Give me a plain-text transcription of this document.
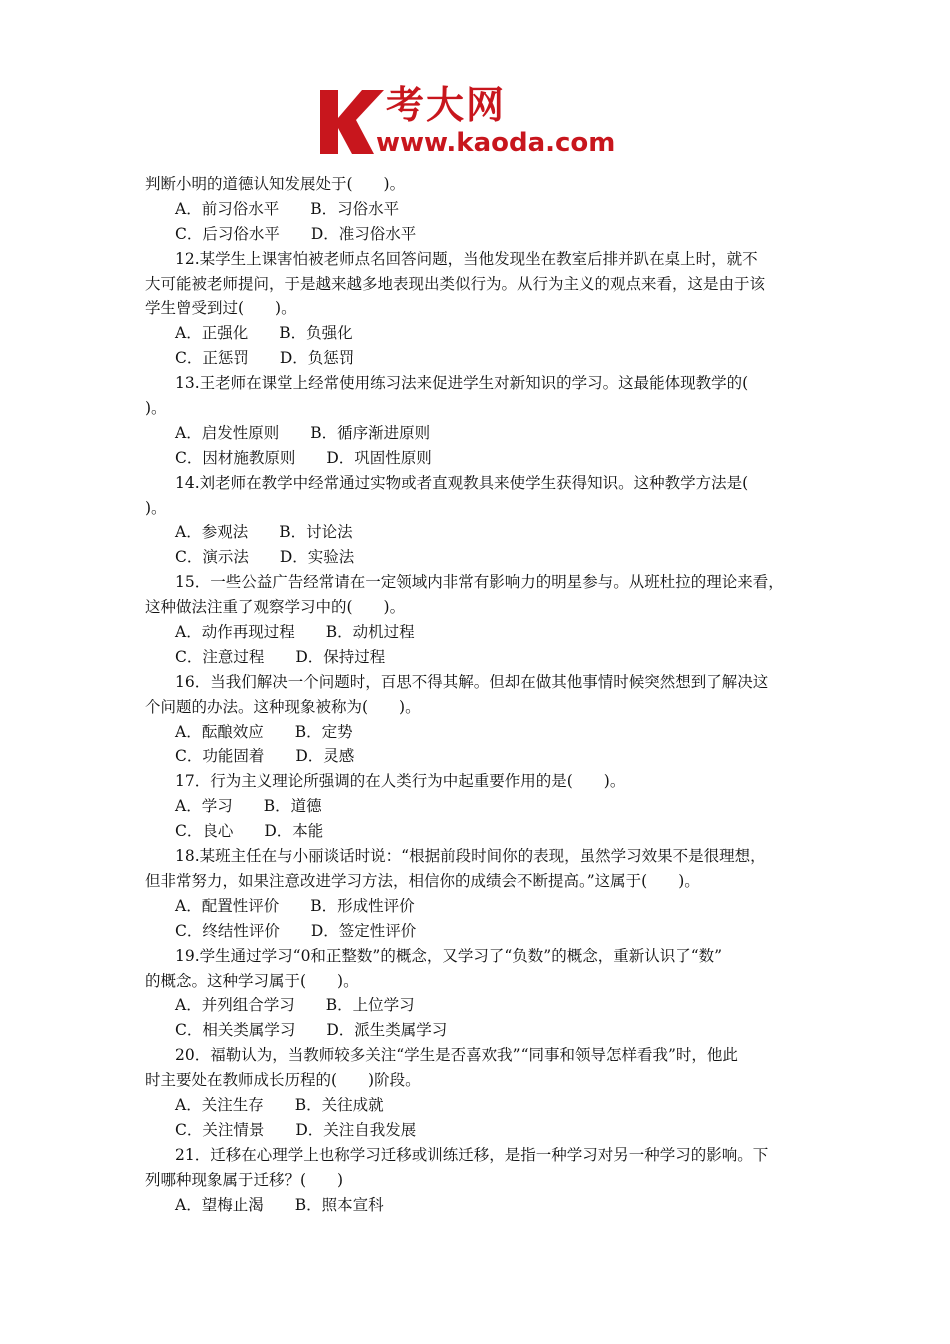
考大网
www.kaoda.com
判断小明的道德认知发展处于(　　)。
A．前习俗水平　　B．习俗水平
C．后习俗水平　　D．准习俗水平
12.某学生上课害怕被老师点名回答问题，当他发现坐在教室后排并趴在桌上时，就不
大可能被老师提问，于是越来越多地表现出类似行为。从行为主义的观点来看，这是由于该
学生曾受到过(　　)。
A．正强化　　B．负强化
C．正惩罚　　D．负惩罚
13.王老师在课堂上经常使用练习法来促进学生对新知识的学习。这最能体现教学的(
)。
A．启发性原则　　B．循序渐进原则
C．因材施教原则　　D．巩固性原则
14.刘老师在教学中经常通过实物或者直观教具来使学生获得知识。这种教学方法是(
)。
A．参观法　　B．讨论法
C．演示法　　D．实验法
15．一些公益广告经常请在一定领域内非常有影响力的明星参与。从班杜拉的理论来看，
这种做法注重了观察学习中的(　　)。
A．动作再现过程　　B．动机过程
C．注意过程　　D．保持过程
16．当我们解决一个问题时，百思不得其解。但却在做其他事情时候突然想到了解决这
个问题的办法。这种现象被称为(　　)。
A．酝酿效应　　B．定势
C．功能固着　　D．灵感
17．行为主义理论所强调的在人类行为中起重要作用的是(　　)。
A．学习　　B．道德
C．良心　　D．本能
18.某班主任在与小丽谈话时说：“根据前段时间你的表现，虽然学习效果不是很理想，
但非常努力，如果注意改进学习方法，相信你的成绩会不断提高。”这属于(　　)。
A．配置性评价　　B．形成性评价
C．终结性评价　　D．签定性评价
19.学生通过学习“0和正整数”的概念，又学习了“负数”的概念，重新认识了“数”
的概念。这种学习属于(　　)。
A．并列组合学习　　B．上位学习
C．相关类属学习　　D．派生类属学习
20．福勒认为，当教师较多关注“学生是否喜欢我”“同事和领导怎样看我”时，他此
时主要处在教师成长历程的(　　)阶段。
A．关注生存　　B．关往成就
C．关注情景　　D．关注自我发展
21．迁移在心理学上也称学习迁移或训练迁移，是指一种学习对另一种学习的影响。下
列哪种现象属于迁移？(　　)
A．望梅止渴　　B．照本宣科
